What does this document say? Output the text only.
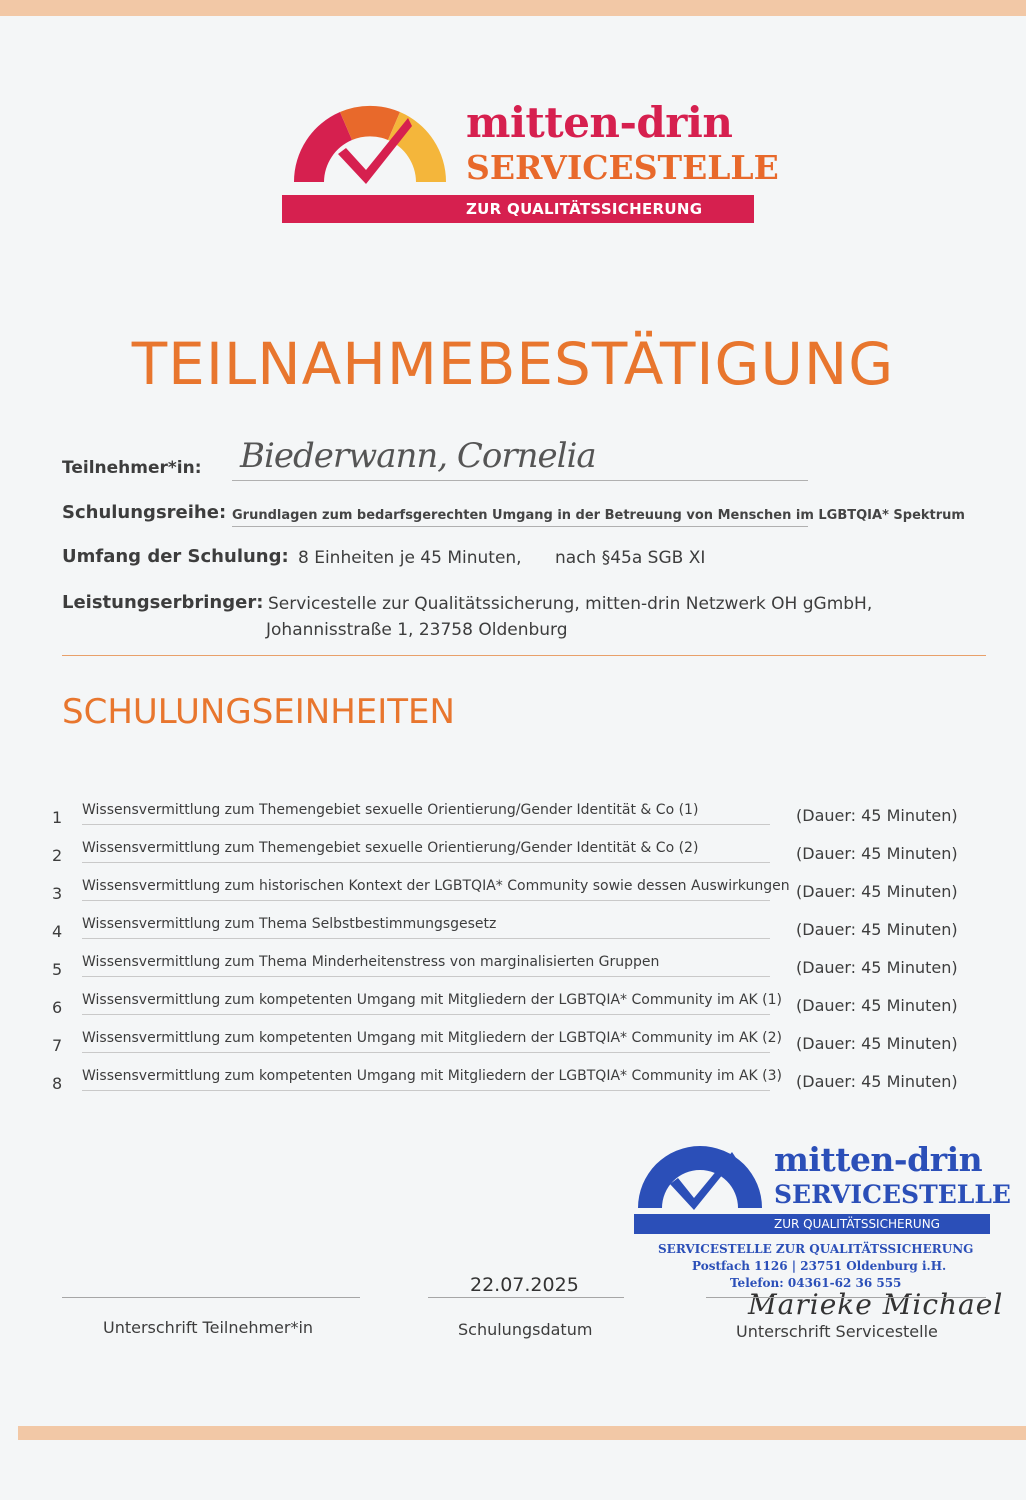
mitten-drin
SERVICESTELLE
ZUR QUALITÄTSSICHERUNG
TEILNAHMEBESTÄTIGUNG
Teilnehmer*in: Biederwann, Cornelia
Schulungsreihe: Grundlagen zum bedarfsgerechten Umgang in der Betreuung von Menschen im LGBTQIA* Spektrum
Umfang der Schulung: 8 Einheiten je 45 Minuten, nach §45a SGB XI
Leistungserbringer: Servicestelle zur Qualitätssicherung, mitten-drin Netzwerk OH gGmbH,
Johannisstraße 1, 23758 Oldenburg
SCHULUNGSEINHEITEN
1 Wissensvermittlung zum Themengebiet sexuelle Orientierung/Gender Identität & Co (1)	(Dauer: 45 Minuten)
2 Wissensvermittlung zum Themengebiet sexuelle Orientierung/Gender Identität & Co (2)	(Dauer: 45 Minuten)
3 Wissensvermittlung zum historischen Kontext der LGBTQIA* Community sowie dessen Auswirkungen (Dauer: 45 Minuten)
4 Wissensvermittlung zum Thema Selbstbestimmungsgesetz	(Dauer: 45 Minuten)
5 Wissensvermittlung zum Thema Minderheitenstress von marginalisierten Gruppen	(Dauer: 45 Minuten)
6 Wissensvermittlung zum kompetenten Umgang mit Mitgliedern der LGBTQIA* Community im AK (1) (Dauer: 45 Minuten)
7 Wissensvermittlung zum kompetenten Umgang mit Mitgliedern der LGBTQIA* Community im AK (2) (Dauer: 45 Minuten)
8 Wissensvermittlung zum kompetenten Umgang mit Mitgliedern der LGBTQIA* Community im AK (3) (Dauer: 45 Minuten)
mitten-drin
SERVICESTELLE
ZUR QUALITÄTSSICHERUNG
SERVICESTELLE ZUR QUALITÄTSSICHERUNG
Postfach 1126 | 23751 Oldenburg i.H.
Telefon: 04361-62 36 555
Unterschrift Teilnehmer*in
22.07.2025
Schulungsdatum
Marieke Michael
Unterschrift Servicestelle
